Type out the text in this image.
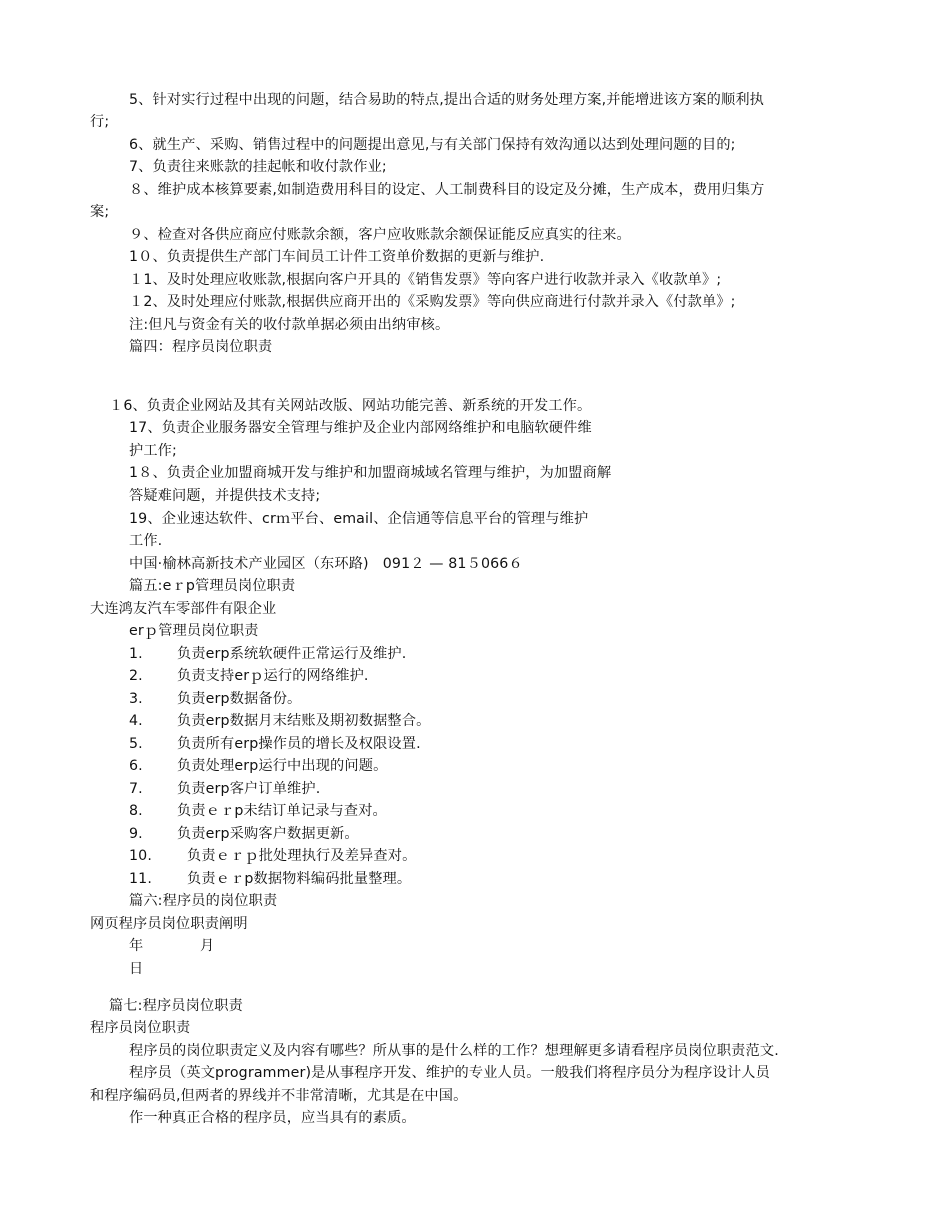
5、针对实行过程中出现的问题，结合易助的特点,提出合适的财务处理方案,并能增进该方案的顺利执

行;

6、就生产、采购、销售过程中的问题提出意见,与有关部门保持有效沟通以达到处理问题的目的;

7、负责往来账款的挂起帐和收付款作业;

８、维护成本核算要素,如制造费用科目的设定、人工制费科目的设定及分摊，生产成本，费用归集方

案;

９、检查对各供应商应付账款余额，客户应收账款余额保证能反应真实的往来。

1０、负责提供生产部门车间员工计件工资单价数据的更新与维护.

１1、及时处理应收账款,根据向客户开具的《销售发票》等向客户进行收款并录入《收款单》;

１2、及时处理应付账款,根据供应商开出的《采购发票》等向供应商进行付款并录入《付款单》;

注:但凡与资金有关的收付款单据必须由出纳审核。

篇四：程序员岗位职责

１6、负责企业网站及其有关网站改版、网站功能完善、新系统的开发工作。

17、负责企业服务器安全管理与维护及企业内部网络维护和电脑软硬件维

护工作;

1８、负责企业加盟商城开发与维护和加盟商城域名管理与维护，为加盟商解

答疑难问题，并提供技术支持;

19、企业速达软件、crｍ平台、email、企信通等信息平台的管理与维护

工作.

中国·榆林高新技术产业园区（东环路)   091２ — 81５066６

篇五:eｒp管理员岗位职责

大连鸿友汽车零部件有限企业

erｐ管理员岗位职责

1. 负责erp系统软硬件正常运行及维护.

2. 负责支持erｐ运行的网络维护.

3. 负责erp数据备份。

4. 负责erp数据月末结账及期初数据整合。

5. 负责所有erp操作员的增长及权限设置.

6. 负责处理erp运行中出现的问题。

7. 负责erp客户订单维护.

8. 负责ｅｒp未结订单记录与查对。

9. 负责erp采购客户数据更新。

10. 负责ｅｒｐ批处理执行及差异查对。

11. 负责ｅｒp数据物料编码批量整理。

篇六:程序员的岗位职责

网页程序员岗位职责阐明

年	月

日

篇七:程序员岗位职责

程序员岗位职责

程序员的岗位职责定义及内容有哪些？所从事的是什么样的工作？想理解更多请看程序员岗位职责范文.

程序员（英文programmer)是从事程序开发、维护的专业人员。一般我们将程序员分为程序设计人员

和程序编码员,但两者的界线并不非常清晰，尤其是在中国。

作一种真正合格的程序员，应当具有的素质。
